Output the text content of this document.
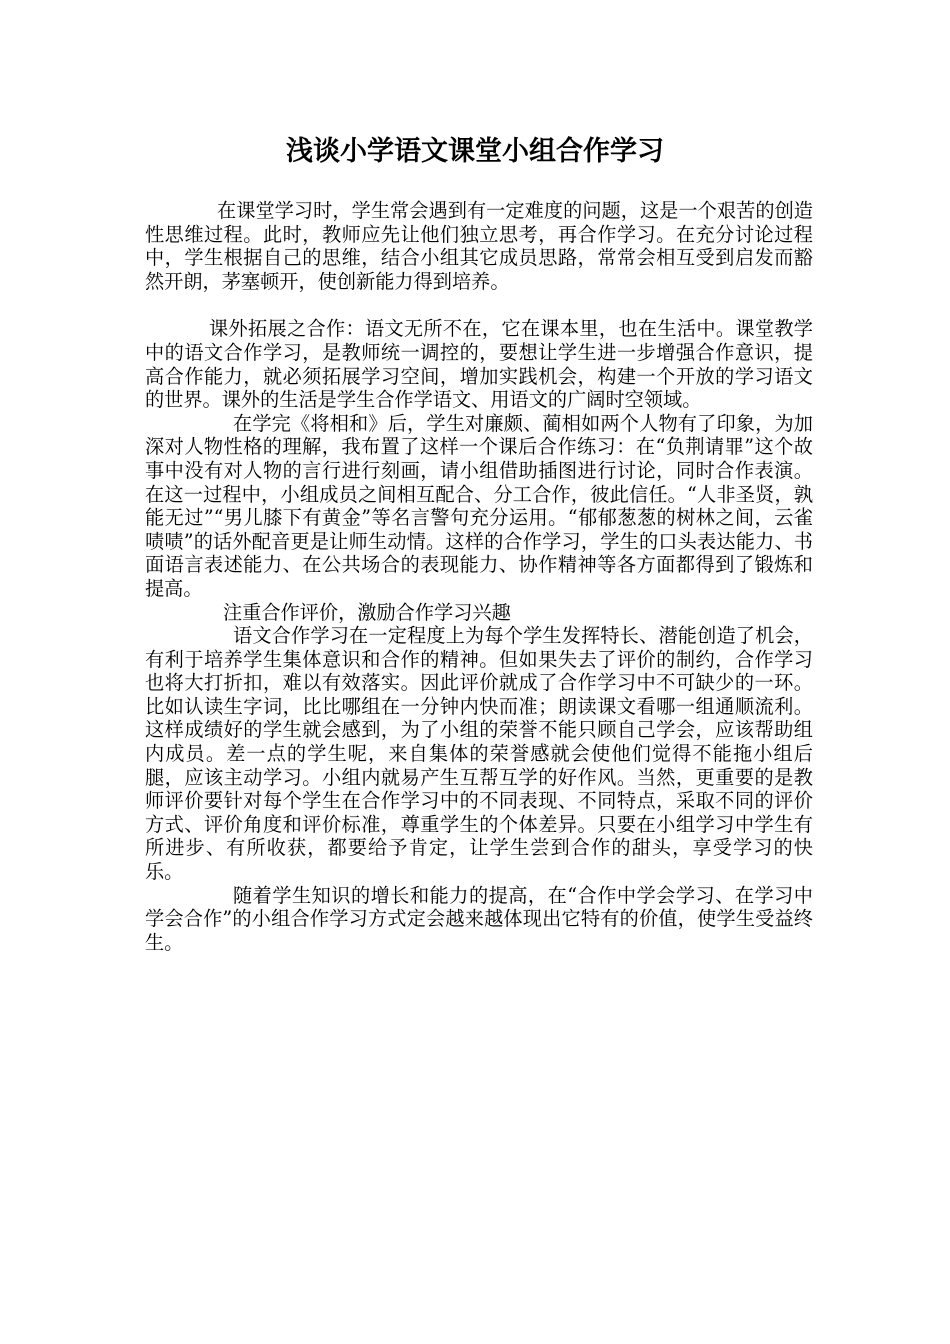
浅谈小学语文课堂小组合作学习

在课堂学习时，学生常会遇到有一定难度的问题，这是一个艰苦的创造性思维过程。此时，教师应先让他们独立思考，再合作学习。在充分讨论过程中，学生根据自己的思维，结合小组其它成员思路，常常会相互受到启发而豁然开朗，茅塞顿开，使创新能力得到培养。

课外拓展之合作：语文无所不在，它在课本里，也在生活中。课堂教学中的语文合作学习，是教师统一调控的，要想让学生进一步增强合作意识，提高合作能力，就必须拓展学习空间，增加实践机会，构建一个开放的学习语文的世界。课外的生活是学生合作学语文、用语文的广阔时空领域。

在学完《将相和》后，学生对廉颇、蔺相如两个人物有了印象，为加深对人物性格的理解，我布置了这样一个课后合作练习：在“负荆请罪”这个故事中没有对人物的言行进行刻画，请小组借助插图进行讨论，同时合作表演。在这一过程中，小组成员之间相互配合、分工合作，彼此信任。“人非圣贤，孰能无过”“男儿膝下有黄金”等名言警句充分运用。“郁郁葱葱的树林之间，云雀啧啧”的话外配音更是让师生动情。这样的合作学习，学生的口头表达能力、书面语言表述能力、在公共场合的表现能力、协作精神等各方面都得到了锻炼和提高。

注重合作评价，激励合作学习兴趣

语文合作学习在一定程度上为每个学生发挥特长、潜能创造了机会，有利于培养学生集体意识和合作的精神。但如果失去了评价的制约，合作学习也将大打折扣，难以有效落实。因此评价就成了合作学习中不可缺少的一环。比如认读生字词，比比哪组在一分钟内快而准；朗读课文看哪一组通顺流利。这样成绩好的学生就会感到，为了小组的荣誉不能只顾自己学会，应该帮助组内成员。差一点的学生呢，来自集体的荣誉感就会使他们觉得不能拖小组后腿，应该主动学习。小组内就易产生互帮互学的好作风。当然，更重要的是教师评价要针对每个学生在合作学习中的不同表现、不同特点，采取不同的评价方式、评价角度和评价标准，尊重学生的个体差异。只要在小组学习中学生有所进步、有所收获，都要给予肯定，让学生尝到合作的甜头，享受学习的快乐。

随着学生知识的增长和能力的提高，在“合作中学会学习、在学习中学会合作”的小组合作学习方式定会越来越体现出它特有的价值，使学生受益终生。
